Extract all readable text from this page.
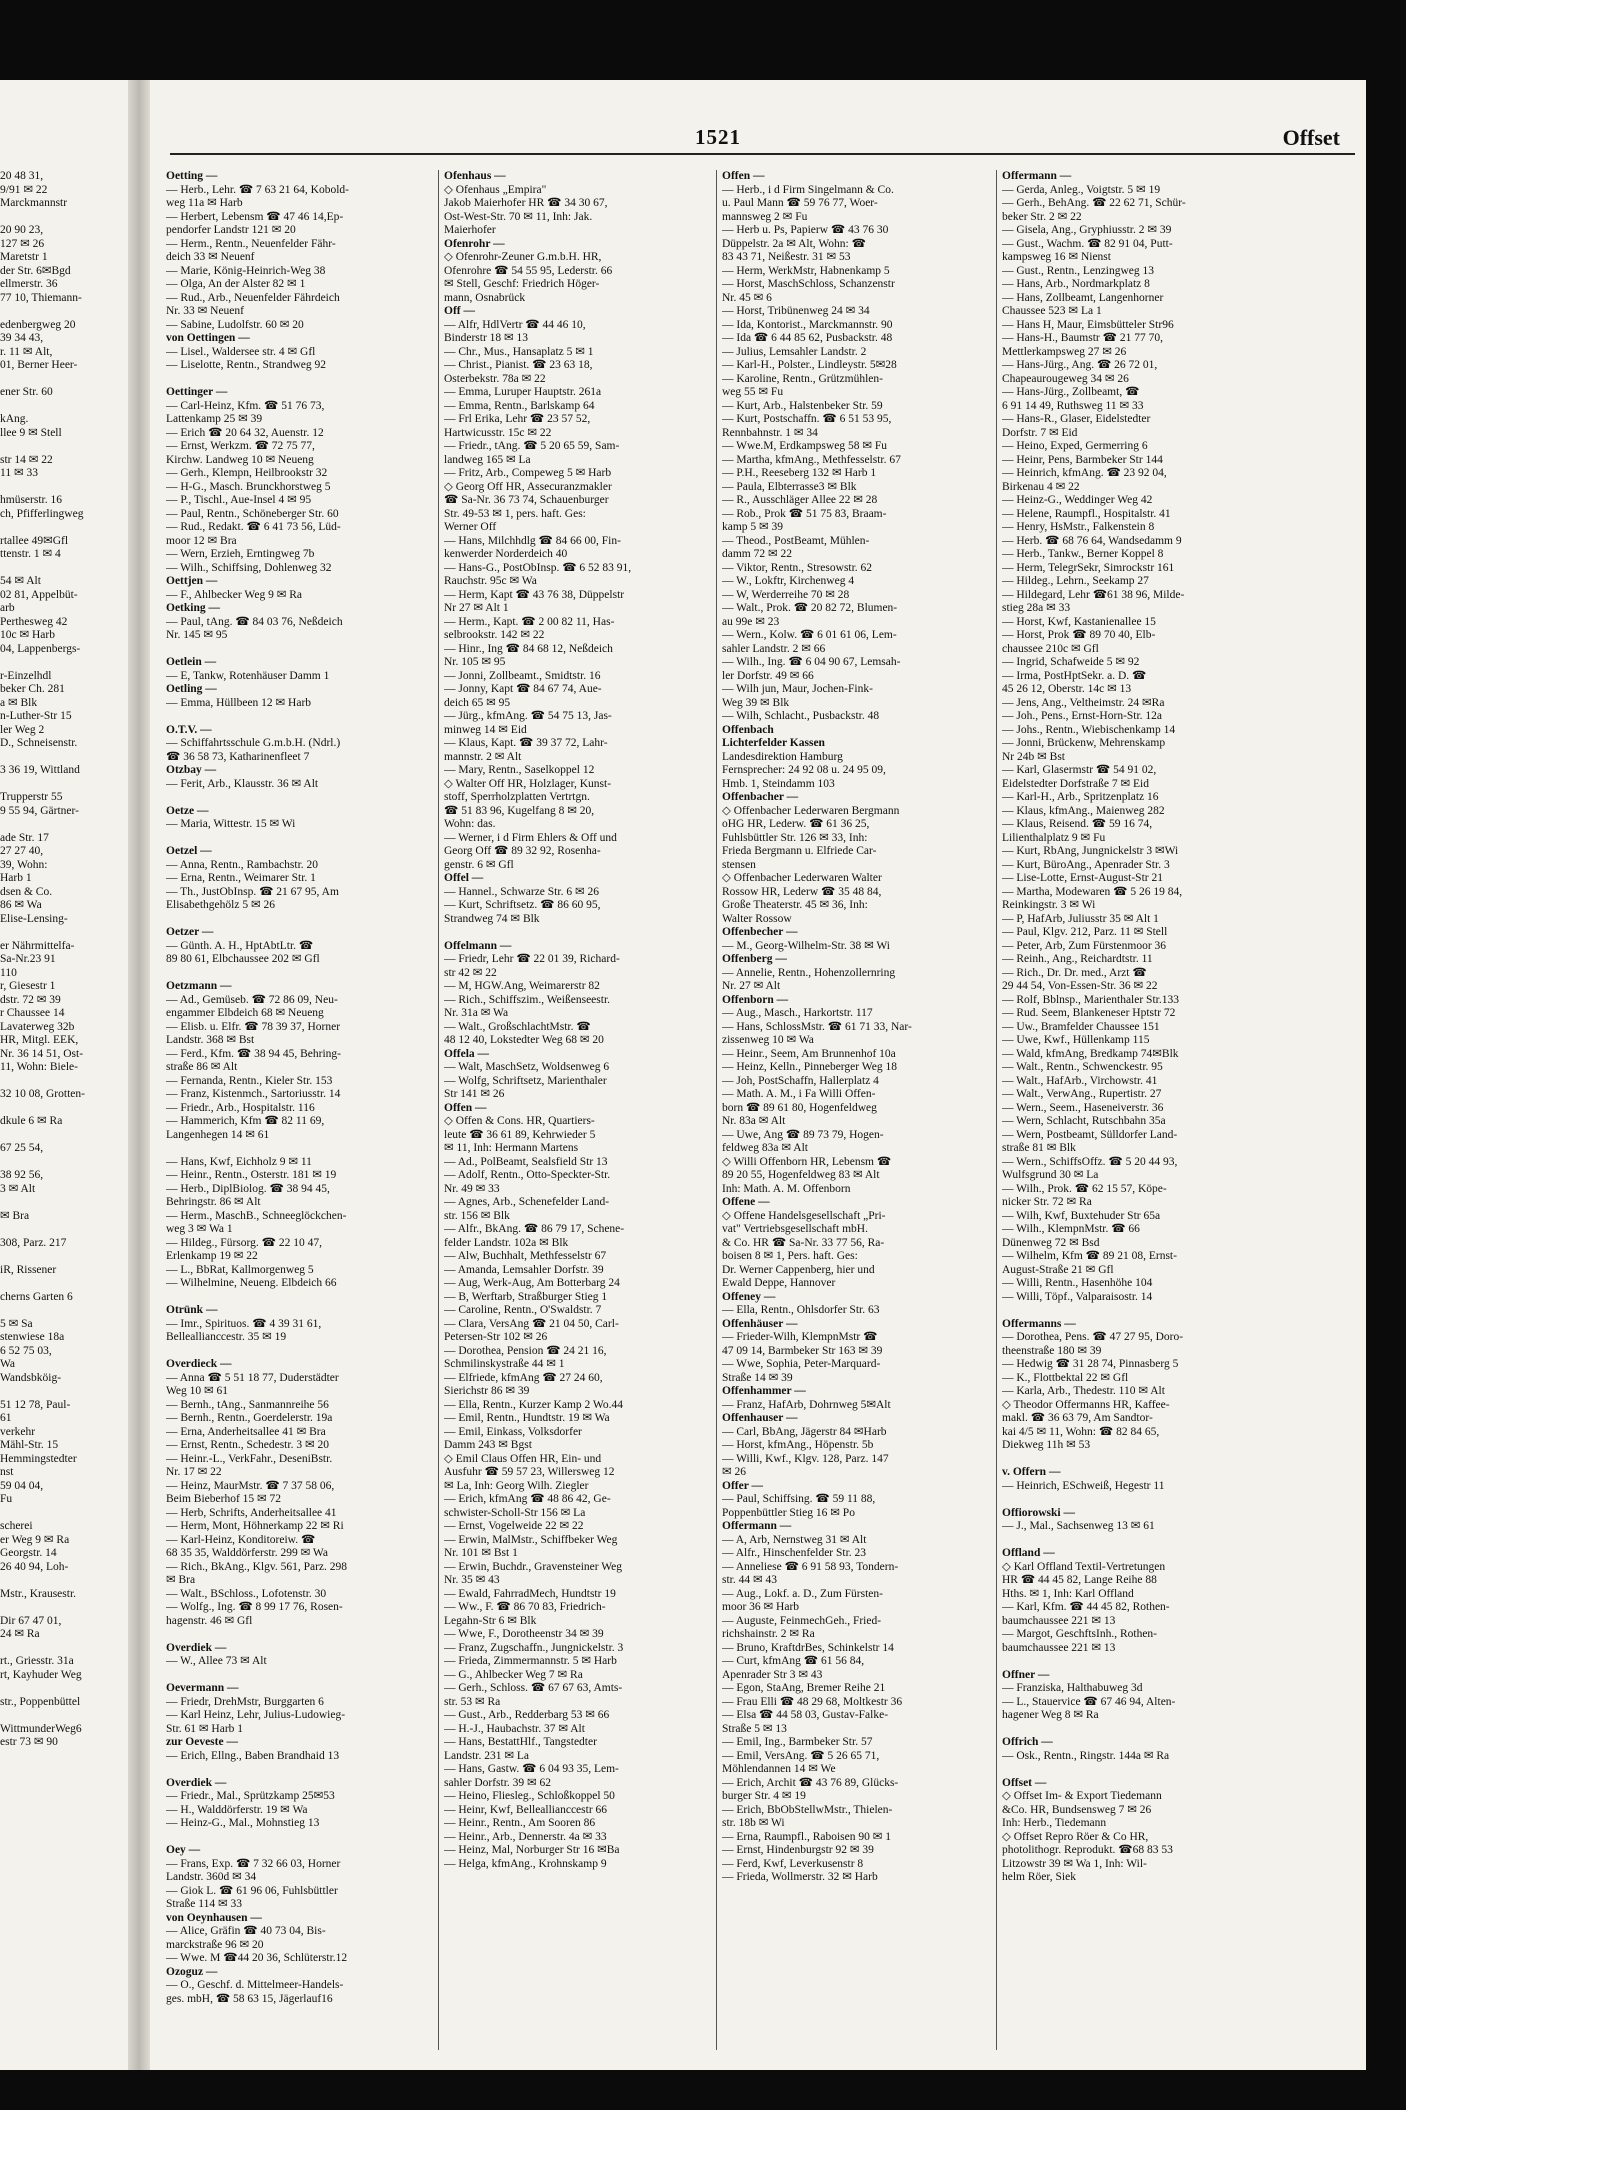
1521	Offset
20 48 31,
9/91 ✉ 22
Marckmannstr

20 90 23,
127 ✉ 26
Maretstr 1
der Str. 6✉Bgd
ellmerstr. 36
77 10, Thiemann-

edenbergweg 20
39 34 43,
r. 11 ✉ Alt,
01, Berner Heer-

ener Str. 60

kAng.
llee 9 ✉ Stell

str 14 ✉ 22
11 ✉ 33

hmüserstr. 16
ch, Pfifferlingweg

rtallee 49✉Gfl
ttenstr. 1 ✉ 4

54 ✉ Alt
02 81, Appelbüt-
arb
Perthesweg 42
10c ✉ Harb
04, Lappenbergs-

r-Einzelhdl
beker Ch. 281
a ✉ Blk
n-Luther-Str 15
ler Weg 2
D., Schneisenstr.

3 36 19, Wittland

Trupperstr 55
9 55 94, Gärtner-

ade Str. 17
27 27 40,
39, Wohn:
Harb 1
dsen & Co.
86 ✉ Wa
Elise-Lensing-

er Nährmittelfa-
Sa-Nr.23 91
110
r, Giesestr 1
dstr. 72 ✉ 39
r Chaussee 14
Lavaterweg 32b
HR, Mitgl. EEK,
Nr. 36 14 51, Ost-
11, Wohn: Biele-

32 10 08, Grotten-

dkule 6 ✉ Ra

67 25 54,

38 92 56,
3 ✉ Alt

✉ Bra

308, Parz. 217

iR, Rissener

cherns Garten 6

5 ✉ Sa
stenwiese 18a
6 52 75 03,
Wa
Wandsbköig-

51 12 78, Paul-
61
verkehr
Mähl-Str. 15
Hemmingstedter
nst
59 04 04,
Fu

scherei
er Weg 9 ✉ Ra
Georgstr. 14
26 40 94, Loh-

Mstr., Krausestr.

Dir 67 47 01,
24 ✉ Ra

rt., Griesstr. 31a
rt, Kayhuder Weg

str., Poppenbüttel

WittmunderWeg6
estr 73 ✉ 90
Oetting —
— Herb., Lehr. ☎ 7 63 21 64, Kobold-
weg 11a ✉ Harb
— Herbert, Lebensm ☎ 47 46 14,Ep-
pendorfer Landstr 121 ✉ 20
— Herm., Rentn., Neuenfelder Fähr-
deich 33 ✉ Neuenf
— Marie, König-Heinrich-Weg 38
— Olga, An der Alster 82 ✉ 1
— Rud., Arb., Neuenfelder Fährdeich
Nr. 33 ✉ Neuenf
— Sabine, Ludolfstr. 60 ✉ 20
von Oettingen —
— Lisel., Waldersee str. 4 ✉ Gfl
— Liselotte, Rentn., Strandweg 92

Oettinger —
— Carl-Heinz, Kfm. ☎ 51 76 73,
Lattenkamp 25 ✉ 39
— Erich ☎ 20 64 32, Auenstr. 12
— Ernst, Werkzm. ☎ 72 75 77,
Kirchw. Landweg 10 ✉ Neueng
— Gerh., Klempn, Heilbrookstr 32
— H-G., Masch. Brunckhorstweg 5
— P., Tischl., Aue-Insel 4 ✉ 95
— Paul, Rentn., Schöneberger Str. 60
— Rud., Redakt. ☎ 6 41 73 56, Lüd-
moor 12 ✉ Bra
— Wern, Erzieh, Erntingweg 7b
— Wilh., Schiffsing, Dohlenweg 32
Oettjen —
— F., Ahlbecker Weg 9 ✉ Ra
Oetking —
— Paul, tAng. ☎ 84 03 76, Neßdeich
Nr. 145 ✉ 95

Oetlein —
— E, Tankw, Rotenhäuser Damm 1
Oetling —
— Emma, Hüllbeen 12 ✉ Harb

O.T.V. —
— Schiffahrtsschule G.m.b.H. (Ndrl.)
☎ 36 58 73, Katharinenfleet 7
Otzbay —
— Ferit, Arb., Klausstr. 36 ✉ Alt

Oetze —
— Maria, Wittestr. 15 ✉ Wi

Oetzel —
— Anna, Rentn., Rambachstr. 20
— Erna, Rentn., Weimarer Str. 1
— Th., JustObInsp. ☎ 21 67 95, Am
Elisabethgehölz 5 ✉ 26

Oetzer —
— Günth. A. H., HptAbtLtr. ☎
89 80 61, Elbchaussee 202 ✉ Gfl

Oetzmann —
— Ad., Gemüseb. ☎ 72 86 09, Neu-
engammer Elbdeich 68 ✉ Neueng
— Elisb. u. Elfr. ☎ 78 39 37, Horner
Landstr. 368 ✉ Bst
— Ferd., Kfm. ☎ 38 94 45, Behring-
straße 86 ✉ Alt
— Fernanda, Rentn., Kieler Str. 153
— Franz, Kistenmch., Sartoriusstr. 14
— Friedr., Arb., Hospitalstr. 116
— Hammerich, Kfm ☎ 82 11 69,
Langenhegen 14 ✉ 61

— Hans, Kwf, Eichholz 9 ✉ 11
— Heinr., Rentn., Osterstr. 181 ✉ 19
— Herb., DiplBiolog. ☎ 38 94 45,
Behringstr. 86 ✉ Alt
— Herm., MaschB., Schneeglöckchen-
weg 3 ✉ Wa 1
— Hildeg., Fürsorg. ☎ 22 10 47,
Erlenkamp 19 ✉ 22
— L., BbRat, Kallmorgenweg 5
— Wilhelmine, Neueng. Elbdeich 66

Otrünk —
— Imr., Spirituos. ☎ 4 39 31 61,
Belleallianccestr. 35 ✉ 19

Overdieck —
— Anna ☎ 5 51 18 77, Duderstädter
Weg 10 ✉ 61
— Bernh., tAng., Sanmannreihe 56
— Bernh., Rentn., Goerdelerstr. 19a
— Erna, Anderheitsallee 41 ✉ Bra
— Ernst, Rentn., Schedestr. 3 ✉ 20
— Heinr.-L., VerkFahr., DeseniBstr.
Nr. 17 ✉ 22
— Heinz, MaurMstr. ☎ 7 37 58 06,
Beim Bieberhof 15 ✉ 72
— Herb, Schrifts, Anderheitsallee 41
— Herm, Mont, Höhnerkamp 22 ✉ Ri
— Karl-Heinz, Konditoreiw. ☎
68 35 35, Walddörferstr. 299 ✉ Wa
— Rich., BkAng., Klgv. 561, Parz. 298
✉ Bra
— Walt., BSchloss., Lofotenstr. 30
— Wolfg., Ing. ☎ 8 99 17 76, Rosen-
hagenstr. 46 ✉ Gfl

Overdiek —
— W., Allee 73 ✉ Alt

Oevermann —
— Friedr, DrehMstr, Burggarten 6
— Karl Heinz, Lehr, Julius-Ludowieg-
Str. 61 ✉ Harb 1
zur Oeveste —
— Erich, Ellng., Baben Brandhaid 13

Overdiek —
— Friedr., Mal., Sprützkamp 25✉53
— H., Walddörferstr. 19 ✉ Wa
— Heinz-G., Mal., Mohnstieg 13

Oey —
— Frans, Exp. ☎ 7 32 66 03, Horner
Landstr. 360d ✉ 34
— Giok L. ☎ 61 96 06, Fuhlsbüttler
Straße 114 ✉ 33
von Oeynhausen —
— Alice, Gräfin ☎ 40 73 04, Bis-
marckstraße 96 ✉ 20
— Wwe. M ☎44 20 36, Schlüterstr.12
Ozoguz —
— O., Geschf. d. Mittelmeer-Handels-
ges. mbH, ☎ 58 63 15, Jägerlauf16
Ofenhaus —
◇ Ofenhaus „Empira"
Jakob Maierhofer HR ☎ 34 30 67,
Ost-West-Str. 70 ✉ 11, Inh: Jak.
Maierhofer
Ofenrohr —
◇ Ofenrohr-Zeuner G.m.b.H. HR,
Ofenrohre ☎ 54 55 95, Lederstr. 66
✉ Stell, Geschf: Friedrich Höger-
mann, Osnabrück
Off —
— Alfr, HdlVertr ☎ 44 46 10,
Binderstr 18 ✉ 13
— Chr., Mus., Hansaplatz 5 ✉ 1
— Christ., Pianist. ☎ 23 63 18,
Osterbekstr. 78a ✉ 22
— Emma, Luruper Hauptstr. 261a
— Emma, Rentn., Barlskamp 64
— Frl Erika, Lehr ☎ 23 57 52,
Hartwicusstr. 15c ✉ 22
— Friedr., tAng. ☎ 5 20 65 59, Sam-
landweg 165 ✉ La
— Fritz, Arb., Compeweg 5 ✉ Harb
◇ Georg Off HR, Assecuranzmakler
☎ Sa-Nr. 36 73 74, Schauenburger
Str. 49-53 ✉ 1, pers. haft. Ges:
Werner Off
— Hans, Milchhdlg ☎ 84 66 00, Fin-
kenwerder Norderdeich 40
— Hans-G., PostObInsp. ☎ 6 52 83 91,
Rauchstr. 95c ✉ Wa
— Herm, Kapt ☎ 43 76 38, Düppelstr
Nr 27 ✉ Alt 1
— Herm., Kapt. ☎ 2 00 82 11, Has-
selbrookstr. 142 ✉ 22
— Hinr., Ing ☎ 84 68 12, Neßdeich
Nr. 105 ✉ 95
— Jonni, Zollbeamt., Smidtstr. 16
— Jonny, Kapt ☎ 84 67 74, Aue-
deich 65 ✉ 95
— Jürg., kfmAng. ☎ 54 75 13, Jas-
minweg 14 ✉ Eid
— Klaus, Kapt. ☎ 39 37 72, Lahr-
mannstr. 2 ✉ Alt
— Mary, Rentn., Saselkoppel 12
◇ Walter Off HR, Holzlager, Kunst-
stoff, Sperrholzplatten Vertrtgn.
☎ 51 83 96, Kugelfang 8 ✉ 20,
Wohn: das.
— Werner, i d Firm Ehlers & Off und
Georg Off ☎ 89 32 92, Rosenha-
genstr. 6 ✉ Gfl
Offel —
— Hannel., Schwarze Str. 6 ✉ 26
— Kurt, Schriftsetz. ☎ 86 60 95,
Strandweg 74 ✉ Blk

Offelmann —
— Friedr, Lehr ☎ 22 01 39, Richard-
str 42 ✉ 22
— M, HGW.Ang, Weimarerstr 82
— Rich., Schiffszim., Weißenseestr.
Nr. 31a ✉ Wa
— Walt., GroßschlachtMstr. ☎
48 12 40, Lokstedter Weg 68 ✉ 20
Offela —
— Walt, MaschSetz, Woldsenweg 6
— Wolfg, Schriftsetz, Marienthaler
Str 141 ✉ 26
Offen —
◇ Offen & Cons. HR, Quartiers-
leute ☎ 36 61 89, Kehrwieder 5
✉ 11, Inh: Hermann Martens
— Ad., PolBeamt, Sealsfield Str 13
— Adolf, Rentn., Otto-Speckter-Str.
Nr. 49 ✉ 33
— Agnes, Arb., Schenefelder Land-
str. 156 ✉ Blk
— Alfr., BkAng. ☎ 86 79 17, Schene-
felder Landstr. 102a ✉ Blk
— Alw, Buchhalt, Methfesselstr 67
— Amanda, Lemsahler Dorfstr. 39
— Aug, Werk-Aug, Am Botterbarg 24
— B, Werftarb, Straßburger Stieg 1
— Caroline, Rentn., O'Swaldstr. 7
— Clara, VersAng ☎ 21 04 50, Carl-
Petersen-Str 102 ✉ 26
— Dorothea, Pension ☎ 24 21 16,
Schmilinskystraße 44 ✉ 1
— Elfriede, kfmAng ☎ 27 24 60,
Sierichstr 86 ✉ 39
— Ella, Rentn., Kurzer Kamp 2 Wo.44
— Emil, Rentn., Hundtstr. 19 ✉ Wa
— Emil, Einkass, Volksdorfer
Damm 243 ✉ Bgst
◇ Emil Claus Offen HR, Ein- und
Ausfuhr ☎ 59 57 23, Willersweg 12
✉ La, Inh: Georg Wilh. Ziegler
— Erich, kfmAng ☎ 48 86 42, Ge-
schwister-Scholl-Str 156 ✉ La
— Ernst, Vogelweide 22 ✉ 22
— Erwin, MalMstr., Schiffbeker Weg
Nr. 101 ✉ Bst 1
— Erwin, Buchdr., Gravensteiner Weg
Nr. 35 ✉ 43
— Ewald, FahrradMech, Hundtstr 19
— Ww., F. ☎ 86 70 83, Friedrich-
Legahn-Str 6 ✉ Blk
— Wwe, F., Dorotheenstr 34 ✉ 39
— Franz, Zugschaffn., Jungnickelstr. 3
— Frieda, Zimmermannstr. 5 ✉ Harb
— G., Ahlbecker Weg 7 ✉ Ra
— Gerh., Schloss. ☎ 67 67 63, Amts-
str. 53 ✉ Ra
— Gust., Arb., Redderbarg 53 ✉ 66
— H.-J., Haubachstr. 37 ✉ Alt
— Hans, BestattHlf., Tangstedter
Landstr. 231 ✉ La
— Hans, Gastw. ☎ 6 04 93 35, Lem-
sahler Dorfstr. 39 ✉ 62
— Heino, Fliesleg., Schloßkoppel 50
— Heinr, Kwf, Belleallianccestr 66
— Heinr., Rentn., Am Sooren 86
— Heinr., Arb., Dennerstr. 4a ✉ 33
— Heinz, Mal, Norburger Str 16 ✉Ba
— Helga, kfmAng., Krohnskamp 9
Offen —
— Herb., i d Firm Singelmann & Co.
u. Paul Mann ☎ 59 76 77, Woer-
mannsweg 2 ✉ Fu
— Herb u. Ps, Papierw ☎ 43 76 30
Düppelstr. 2a ✉ Alt, Wohn: ☎
83 43 71, Neißestr. 31 ✉ 53
— Herm, WerkMstr, Habnenkamp 5
— Horst, MaschSchloss, Schanzenstr
Nr. 45 ✉ 6
— Horst, Tribünenweg 24 ✉ 34
— Ida, Kontorist., Marckmannstr. 90
— Ida ☎ 6 44 85 62, Pusbackstr. 48
— Julius, Lemsahler Landstr. 2
— Karl-H., Polster., Lindleystr. 5✉28
— Karoline, Rentn., Grützmühlen-
weg 55 ✉ Fu
— Kurt, Arb., Halstenbeker Str. 59
— Kurt, Postschaffn. ☎ 6 51 53 95,
Rennbahnstr. 1 ✉ 34
— Wwe.M, Erdkampsweg 58 ✉ Fu
— Martha, kfmAng., Methfesselstr. 67
— P.H., Reeseberg 132 ✉ Harb 1
— Paula, Elbterrasse3 ✉ Blk
— R., Ausschläger Allee 22 ✉ 28
— Rob., Prok ☎ 51 75 83, Braam-
kamp 5 ✉ 39
— Theod., PostBeamt, Mühlen-
damm 72 ✉ 22
— Viktor, Rentn., Stresowstr. 62
— W., Lokftr, Kirchenweg 4
— W, Werderreihe 70 ✉ 28
— Walt., Prok. ☎ 20 82 72, Blumen-
au 99e ✉ 23
— Wern., Kolw. ☎ 6 01 61 06, Lem-
sahler Landstr. 2 ✉ 66
— Wilh., Ing. ☎ 6 04 90 67, Lemsah-
ler Dorfstr. 49 ✉ 66
— Wilh jun, Maur, Jochen-Fink-
Weg 39 ✉ Blk
— Wilh, Schlacht., Pusbackstr. 48
Offenbach
Lichterfelder Kassen
Landesdirektion Hamburg
Fernsprecher: 24 92 08 u. 24 95 09,
Hmb. 1, Steindamm 103
Offenbacher —
◇ Offenbacher Lederwaren Bergmann
oHG HR, Lederw. ☎ 61 36 25,
Fuhlsbüttler Str. 126 ✉ 33, Inh:
Frieda Bergmann u. Elfriede Car-
stensen
◇ Offenbacher Lederwaren Walter
Rossow HR, Lederw ☎ 35 48 84,
Große Theaterstr. 45 ✉ 36, Inh:
Walter Rossow
Offenbecher —
— M., Georg-Wilhelm-Str. 38 ✉ Wi
Offenberg —
— Annelie, Rentn., Hohenzollernring
Nr. 27 ✉ Alt
Offenborn —
— Aug., Masch., Harkortstr. 117
— Hans, SchlossMstr. ☎ 61 71 33, Nar-
zissenweg 10 ✉ Wa
— Heinr., Seem, Am Brunnenhof 10a
— Heinz, Kelln., Pinneberger Weg 18
— Joh, PostSchaffn, Hallerplatz 4
— Math. A. M., i Fa Willi Offen-
born ☎ 89 61 80, Hogenfeldweg
Nr. 83a ✉ Alt
— Uwe, Ang ☎ 89 73 79, Hogen-
feldweg 83a ✉ Alt
◇ Willi Offenborn HR, Lebensm ☎
89 20 55, Hogenfeldweg 83 ✉ Alt
Inh: Math. A. M. Offenborn
Offene —
◇ Offene Handelsgesellschaft „Pri-
vat" Vertriebsgesellschaft mbH.
& Co. HR ☎ Sa-Nr. 33 77 56, Ra-
boisen 8 ✉ 1, Pers. haft. Ges:
Dr. Werner Cappenberg, hier und
Ewald Deppe, Hannover
Offeney —
— Ella, Rentn., Ohlsdorfer Str. 63
Offenhäuser —
— Frieder-Wilh, KlempnMstr ☎
47 09 14, Barmbeker Str 163 ✉ 39
— Wwe, Sophia, Peter-Marquard-
Straße 14 ✉ 39
Offenhammer —
— Franz, HafArb, Dohrnweg 5✉Alt
Offenhauser —
— Carl, BbAng, Jägerstr 84 ✉Harb
— Horst, kfmAng., Höpenstr. 5b
— Willi, Kwf., Klgv. 128, Parz. 147
✉ 26
Offer —
— Paul, Schiffsing. ☎ 59 11 88,
Poppenbüttler Stieg 16 ✉ Po
Offermann —
— A, Arb, Nernstweg 31 ✉ Alt
— Alfr., Hinschenfelder Str. 23
— Anneliese ☎ 6 91 58 93, Tondern-
str. 44 ✉ 43
— Aug., Lokf. a. D., Zum Fürsten-
moor 36 ✉ Harb
— Auguste, FeinmechGeh., Fried-
richshainstr. 2 ✉ Ra
— Bruno, KraftdrBes, Schinkelstr 14
— Curt, kfmAng ☎ 61 56 84,
Apenrader Str 3 ✉ 43
— Egon, StaAng, Bremer Reihe 21
— Frau Elli ☎ 48 29 68, Moltkestr 36
— Elsa ☎ 44 58 03, Gustav-Falke-
Straße 5 ✉ 13
— Emil, Ing., Barmbeker Str. 57
— Emil, VersAng. ☎ 5 26 65 71,
Möhlendannen 14 ✉ We
— Erich, Archit ☎ 43 76 89, Glücks-
burger Str. 4 ✉ 19
— Erich, BbObStellwMstr., Thielen-
str. 18b ✉ Wi
— Erna, Raumpfl., Raboisen 90 ✉ 1
— Ernst, Hindenburgstr 92 ✉ 39
— Ferd, Kwf, Leverkusenstr 8
— Frieda, Wollmerstr. 32 ✉ Harb
Offermann —
— Gerda, Anleg., Voigtstr. 5 ✉ 19
— Gerh., BehAng. ☎ 22 62 71, Schür-
beker Str. 2 ✉ 22
— Gisela, Ang., Gryphiusstr. 2 ✉ 39
— Gust., Wachm. ☎ 82 91 04, Putt-
kampsweg 16 ✉ Nienst
— Gust., Rentn., Lenzingweg 13
— Hans, Arb., Nordmarkplatz 8
— Hans, Zollbeamt, Langenhorner
Chaussee 523 ✉ La 1
— Hans H, Maur, Eimsbütteler Str96
— Hans-H., Baumstr ☎ 21 77 70,
Mettlerkampsweg 27 ✉ 26
— Hans-Jürg., Ang. ☎ 26 72 01,
Chapeaurougeweg 34 ✉ 26
— Hans-Jürg., Zollbeamt, ☎
6 91 14 49, Ruthsweg 11 ✉ 33
— Hans-R., Glaser, Eidelstedter
Dorfstr. 7 ✉ Eid
— Heino, Exped, Germerring 6
— Heinr, Pens, Barmbeker Str 144
— Heinrich, kfmAng. ☎ 23 92 04,
Birkenau 4 ✉ 22
— Heinz-G., Weddinger Weg 42
— Helene, Raumpfl., Hospitalstr. 41
— Henry, HsMstr., Falkenstein 8
— Herb. ☎ 68 76 64, Wandsedamm 9
— Herb., Tankw., Berner Koppel 8
— Herm, TelegrSekr, Simrockstr 161
— Hildeg., Lehrn., Seekamp 27
— Hildegard, Lehr ☎61 38 96, Milde-
stieg 28a ✉ 33
— Horst, Kwf, Kastanienallee 15
— Horst, Prok ☎ 89 70 40, Elb-
chaussee 210c ✉ Gfl
— Ingrid, Schafweide 5 ✉ 92
— Irma, PostHptSekr. a. D. ☎
45 26 12, Oberstr. 14c ✉ 13
— Jens, Ang., Veltheimstr. 24 ✉Ra
— Joh., Pens., Ernst-Horn-Str. 12a
— Johs., Rentn., Wiebischenkamp 14
— Jonni, Brückenw, Mehrenskamp
Nr 24b ✉ Bst
— Karl, Glasermstr ☎ 54 91 02,
Eidelstedter Dorfstraße 7 ✉ Eid
— Karl-H., Arb., Spritzenplatz 16
— Klaus, kfmAng., Maienweg 282
— Klaus, Reisend. ☎ 59 16 74,
Lilienthalplatz 9 ✉ Fu
— Kurt, RbAng, Jungnickelstr 3 ✉Wi
— Kurt, BüroAng., Apenrader Str. 3
— Lise-Lotte, Ernst-August-Str 21
— Martha, Modewaren ☎ 5 26 19 84,
Reinkingstr. 3 ✉ Wi
— P, HafArb, Juliusstr 35 ✉ Alt 1
— Paul, Klgv. 212, Parz. 11 ✉ Stell
— Peter, Arb, Zum Fürstenmoor 36
— Reinh., Ang., Reichardtstr. 11
— Rich., Dr. Dr. med., Arzt ☎
29 44 54, Von-Essen-Str. 36 ✉ 22
— Rolf, Bblnsp., Marienthaler Str.133
— Rud. Seem, Blankeneser Hptstr 72
— Uw., Bramfelder Chaussee 151
— Uwe, Kwf., Hüllenkamp 115
— Wald, kfmAng, Bredkamp 74✉Blk
— Walt., Rentn., Schwenckestr. 95
— Walt., HafArb., Virchowstr. 41
— Walt., VerwAng., Rupertistr. 27
— Wern., Seem., Haseneiverstr. 36
— Wern, Schlacht, Rutschbahn 35a
— Wern, Postbeamt, Sülldorfer Land-
straße 81 ✉ Blk
— Wern., SchiffsOffz. ☎ 5 20 44 93,
Wulfsgrund 30 ✉ La
— Wilh., Prok. ☎ 62 15 57, Köpe-
nicker Str. 72 ✉ Ra
— Wilh, Kwf, Buxtehuder Str 65a
— Wilh., KlempnMstr. ☎ 66
Dünenweg 72 ✉ Bsd
— Wilhelm, Kfm ☎ 89 21 08, Ernst-
August-Straße 21 ✉ Gfl
— Willi, Rentn., Hasenhöhe 104
— Willi, Töpf., Valparaisostr. 14

Offermanns —
— Dorothea, Pens. ☎ 47 27 95, Doro-
theenstraße 180 ✉ 39
— Hedwig ☎ 31 28 74, Pinnasberg 5
— K., Flottbektal 22 ✉ Gfl
— Karla, Arb., Thedestr. 110 ✉ Alt
◇ Theodor Offermanns HR, Kaffee-
makl. ☎ 36 63 79, Am Sandtor-
kai 4/5 ✉ 11, Wohn: ☎ 82 84 65,
Diekweg 11h ✉ 53

v. Offern —
— Heinrich, ESchweiß, Hegestr 11

Offiorowski —
— J., Mal., Sachsenweg 13 ✉ 61

Offland —
◇ Karl Offland Textil-Vertretungen
HR ☎ 44 45 82, Lange Reihe 88
Hths. ✉ 1, Inh: Karl Offland
— Karl, Kfm. ☎ 44 45 82, Rothen-
baumchaussee 221 ✉ 13
— Margot, GeschftsInh., Rothen-
baumchaussee 221 ✉ 13

Offner —
— Franziska, Halthabuweg 3d
— L., Stauervice ☎ 67 46 94, Alten-
hagener Weg 8 ✉ Ra

Offrich —
— Osk., Rentn., Ringstr. 144a ✉ Ra

Offset —
◇ Offset Im- & Export Tiedemann
&Co. HR, Bundsensweg 7 ✉ 26
Inh: Herb., Tiedemann
◇ Offset Repro Röer & Co HR,
photolithogr. Reprodukt. ☎68 83 53
Litzowstr 39 ✉ Wa 1, Inh: Wil-
helm Röer, Siek
